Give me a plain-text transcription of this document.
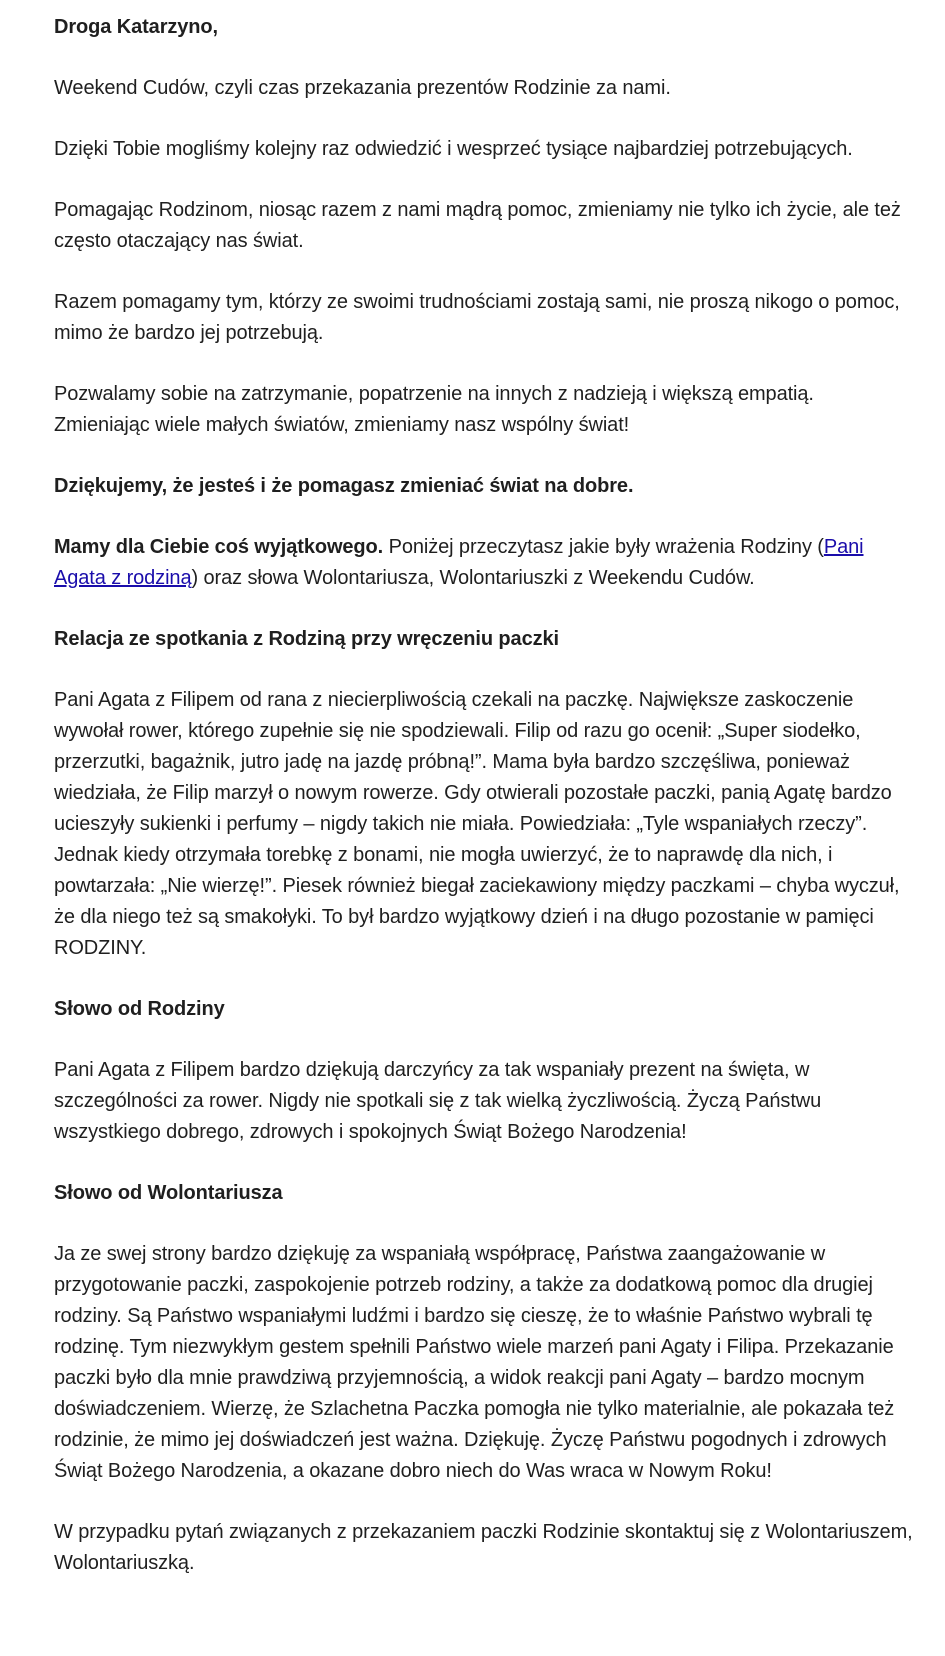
Droga Katarzyno,

Weekend Cudów, czyli czas przekazania prezentów Rodzinie za nami.

Dzięki Tobie mogliśmy kolejny raz odwiedzić i wesprzeć tysiące najbardziej potrzebujących.

Pomagając Rodzinom, niosąc razem z nami mądrą pomoc, zmieniamy nie tylko ich życie, ale też często otaczający nas świat.

Razem pomagamy tym, którzy ze swoimi trudnościami zostają sami, nie proszą nikogo o pomoc, mimo że bardzo jej potrzebują.

Pozwalamy sobie na zatrzymanie, popatrzenie na innych z nadzieją i większą empatią. Zmieniając wiele małych światów, zmieniamy nasz wspólny świat!

Dziękujemy, że jesteś i że pomagasz zmieniać świat na dobre.

Mamy dla Ciebie coś wyjątkowego. Poniżej przeczytasz jakie były wrażenia Rodziny (Pani Agata z rodziną) oraz słowa Wolontariusza, Wolontariuszki z Weekendu Cudów.

Relacja ze spotkania z Rodziną przy wręczeniu paczki

Pani Agata z Filipem od rana z niecierpliwością czekali na paczkę. Największe zaskoczenie wywołał rower, którego zupełnie się nie spodziewali. Filip od razu go ocenił: „Super siodełko, przerzutki, bagażnik, jutro jadę na jazdę próbną!”. Mama była bardzo szczęśliwa, ponieważ wiedziała, że Filip marzył o nowym rowerze. Gdy otwierali pozostałe paczki, panią Agatę bardzo ucieszyły sukienki i perfumy – nigdy takich nie miała. Powiedziała: „Tyle wspaniałych rzeczy”. Jednak kiedy otrzymała torebkę z bonami, nie mogła uwierzyć, że to naprawdę dla nich, i powtarzała: „Nie wierzę!”. Piesek również biegał zaciekawiony między paczkami – chyba wyczuł, że dla niego też są smakołyki. To był bardzo wyjątkowy dzień i na długo pozostanie w pamięci RODZINY.

Słowo od Rodziny

Pani Agata z Filipem bardzo dziękują darczyńcy za tak wspaniały prezent na święta, w szczególności za rower. Nigdy nie spotkali się z tak wielką życzliwością. Życzą Państwu wszystkiego dobrego, zdrowych i spokojnych Świąt Bożego Narodzenia!

Słowo od Wolontariusza

Ja ze swej strony bardzo dziękuję za wspaniałą współpracę, Państwa zaangażowanie w przygotowanie paczki, zaspokojenie potrzeb rodziny, a także za dodatkową pomoc dla drugiej rodziny. Są Państwo wspaniałymi ludźmi i bardzo się cieszę, że to właśnie Państwo wybrali tę rodzinę. Tym niezwykłym gestem spełnili Państwo wiele marzeń pani Agaty i Filipa. Przekazanie paczki było dla mnie prawdziwą przyjemnością, a widok reakcji pani Agaty – bardzo mocnym doświadczeniem. Wierzę, że Szlachetna Paczka pomogła nie tylko materialnie, ale pokazała też rodzinie, że mimo jej doświadczeń jest ważna. Dziękuję. Życzę Państwu pogodnych i zdrowych Świąt Bożego Narodzenia, a okazane dobro niech do Was wraca w Nowym Roku!

W przypadku pytań związanych z przekazaniem paczki Rodzinie skontaktuj się z Wolontariuszem, Wolontariuszką.
